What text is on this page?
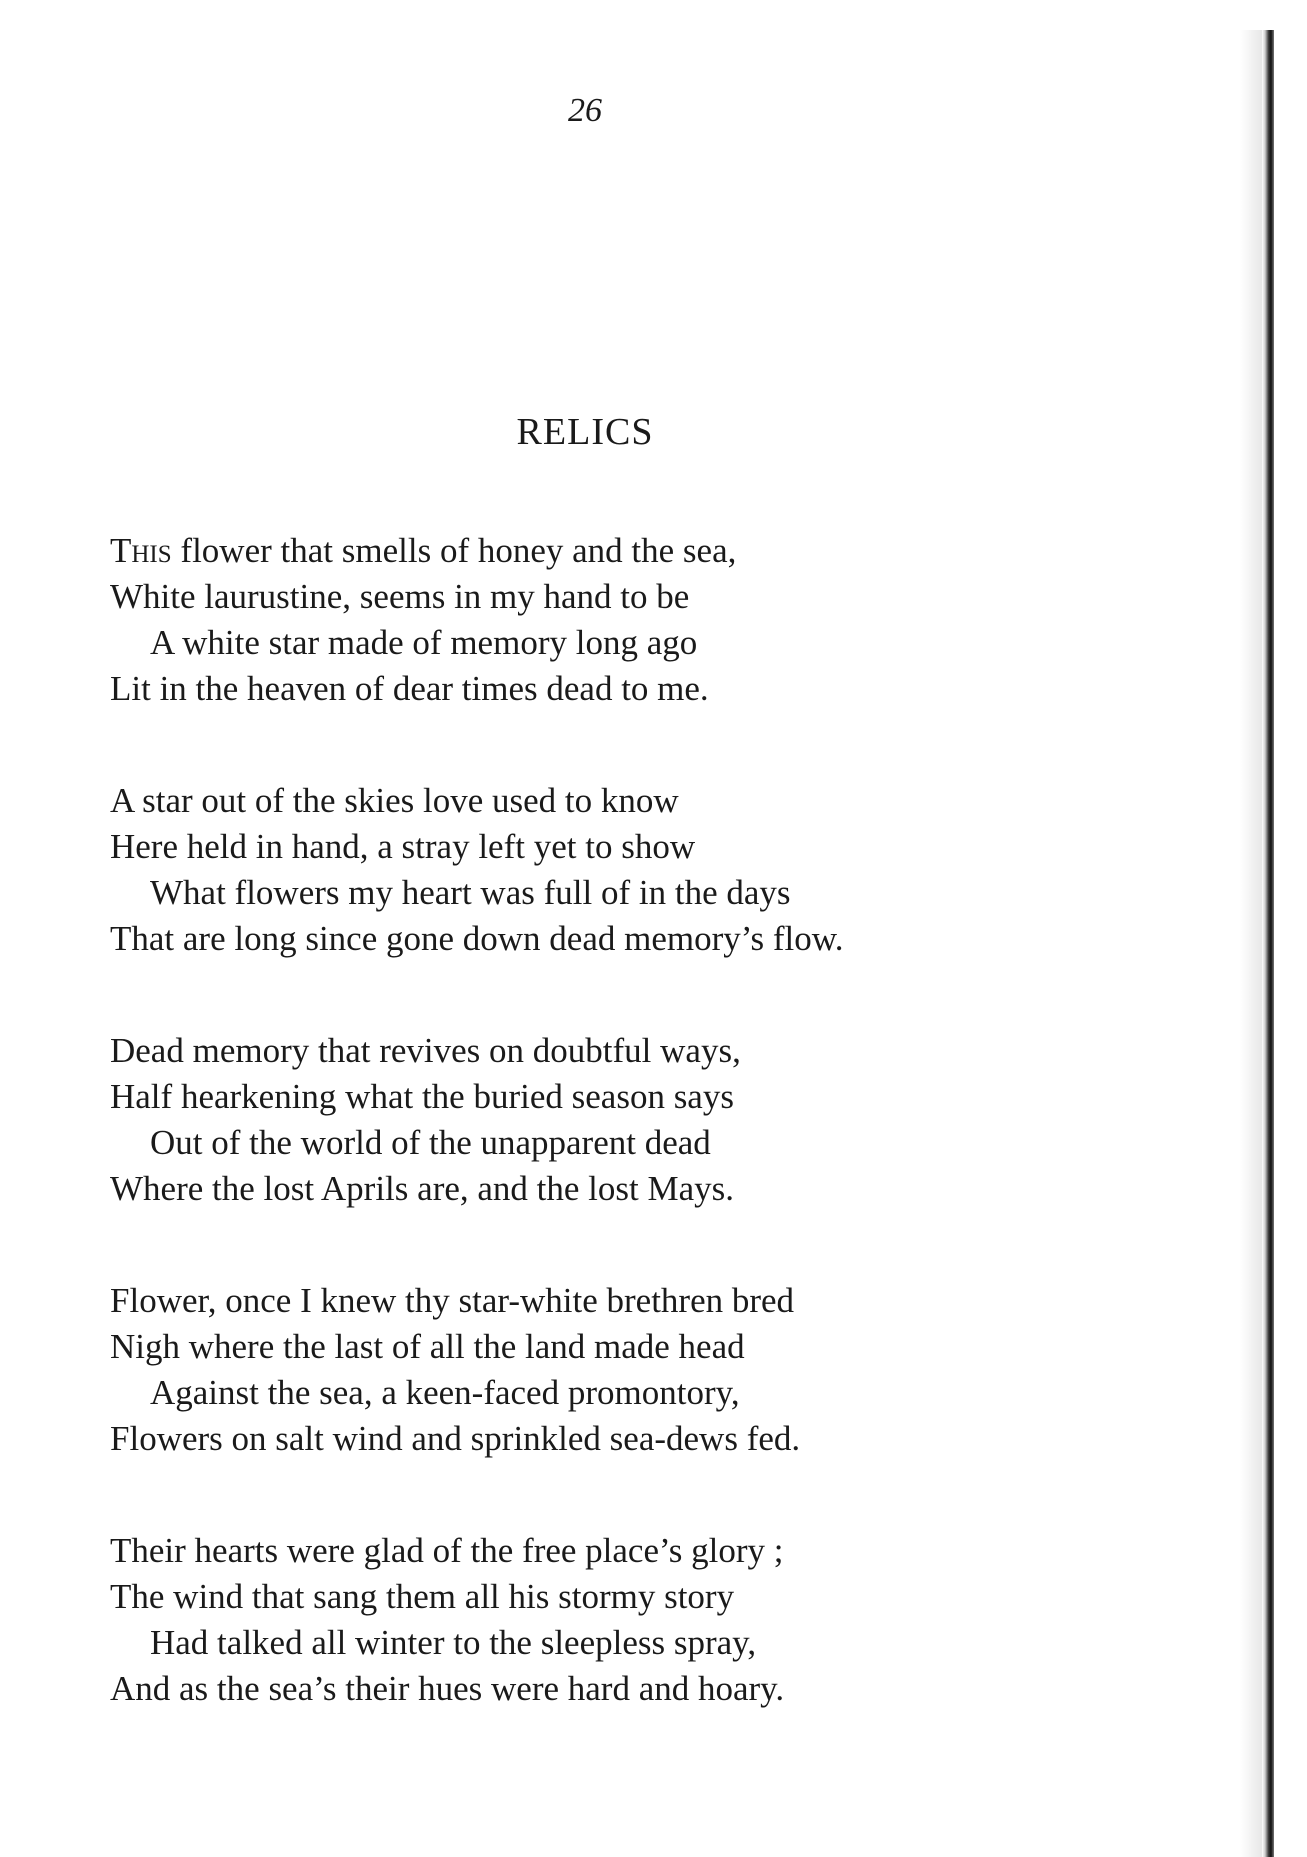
26
RELICS
This flower that smells of honey and the sea,
White laurustine, seems in my hand to be
A white star made of memory long ago
Lit in the heaven of dear times dead to me.
A star out of the skies love used to know
Here held in hand, a stray left yet to show
What flowers my heart was full of in the days
That are long since gone down dead memory’s flow.
Dead memory that revives on doubtful ways,
Half hearkening what the buried season says
Out of the world of the unapparent dead
Where the lost Aprils are, and the lost Mays.
Flower, once I knew thy star-white brethren bred
Nigh where the last of all the land made head
Against the sea, a keen-faced promontory,
Flowers on salt wind and sprinkled sea-dews fed.
Their hearts were glad of the free place’s glory ;
The wind that sang them all his stormy story
Had talked all winter to the sleepless spray,
And as the sea’s their hues were hard and hoary.
